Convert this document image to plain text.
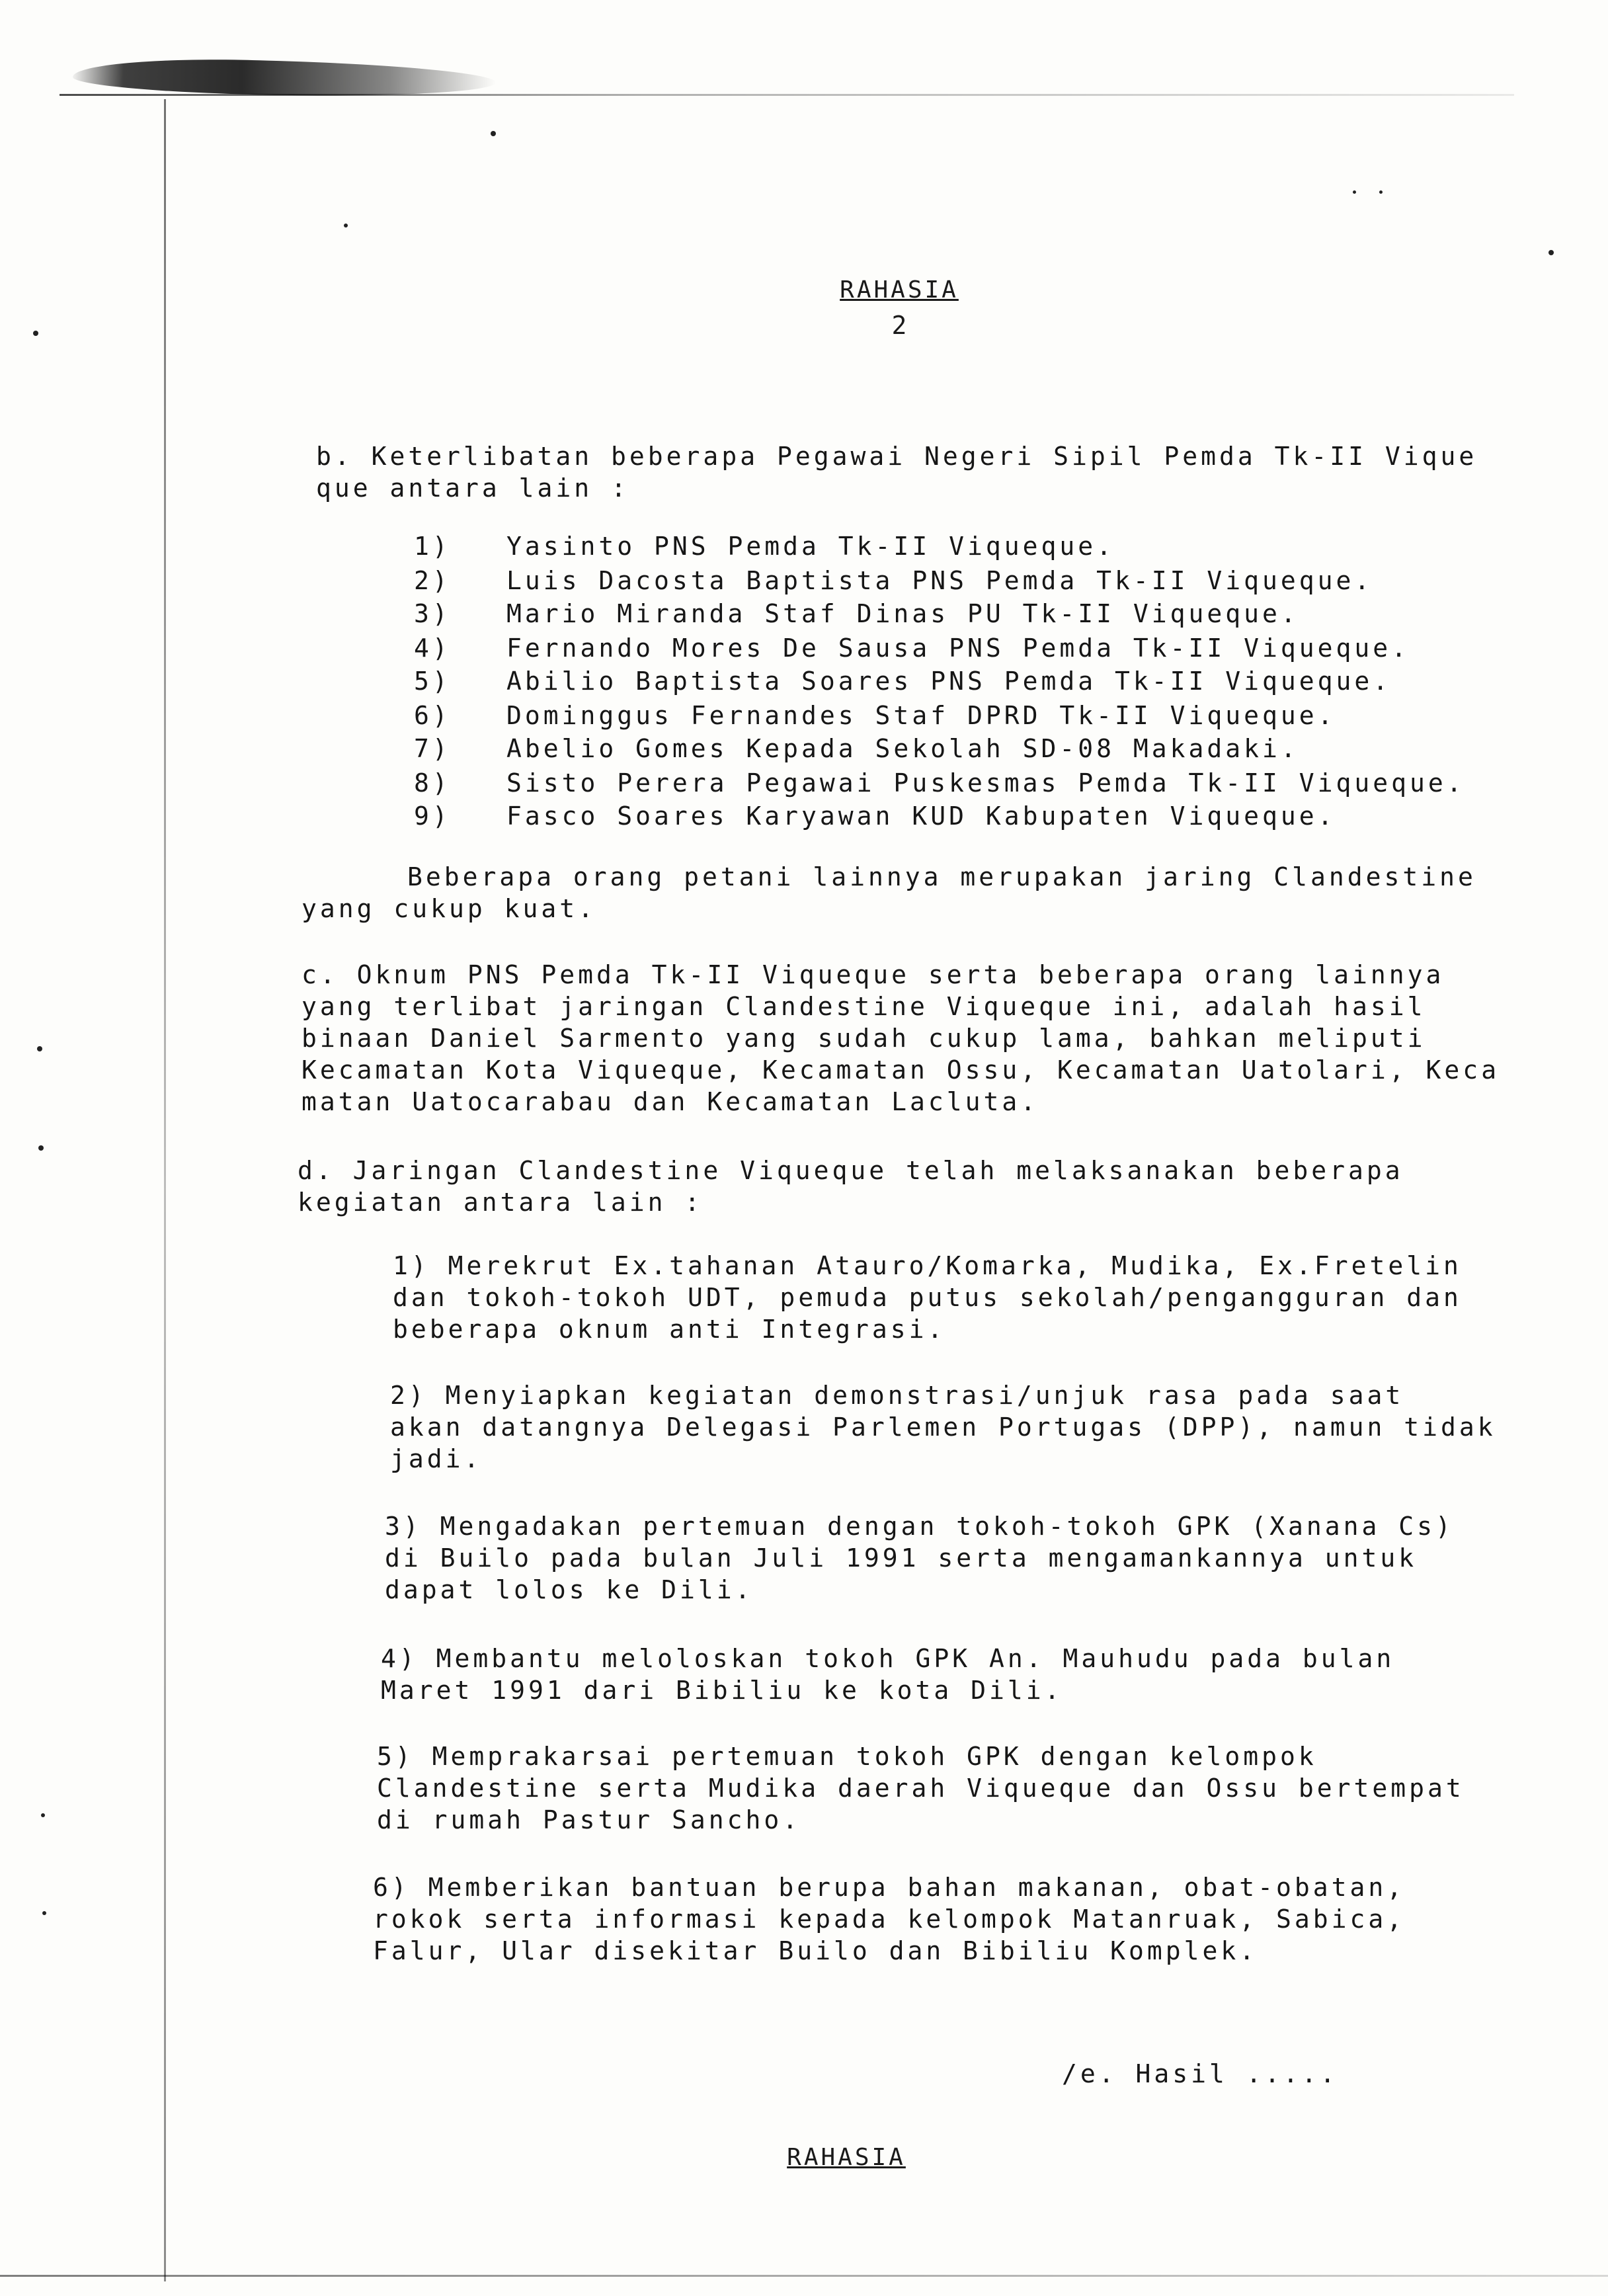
RAHASIA
2
b. Keterlibatan beberapa Pegawai Negeri Sipil Pemda Tk-II Vique
que antara lain :
1) Yasinto PNS Pemda Tk-II Viqueque.
2) Luis Dacosta Baptista PNS Pemda Tk-II Viqueque.
3) Mario Miranda Staf Dinas PU Tk-II Viqueque.
4) Fernando Mores De Sausa PNS Pemda Tk-II Viqueque.
5) Abilio Baptista Soares PNS Pemda Tk-II Viqueque.
6) Dominggus Fernandes Staf DPRD Tk-II Viqueque.
7) Abelio Gomes Kepada Sekolah SD-08 Makadaki.
8) Sisto Perera Pegawai Puskesmas Pemda Tk-II Viqueque.
9) Fasco Soares Karyawan KUD Kabupaten Viqueque.
Beberapa orang petani lainnya merupakan jaring Clandestine
yang cukup kuat.
c. Oknum PNS Pemda Tk-II Viqueque serta beberapa orang lainnya
yang terlibat jaringan Clandestine Viqueque ini, adalah hasil
binaan Daniel Sarmento yang sudah cukup lama, bahkan meliputi
Kecamatan Kota Viqueque, Kecamatan Ossu, Kecamatan Uatolari, Keca
matan Uatocarabau dan Kecamatan Lacluta.
d. Jaringan Clandestine Viqueque telah melaksanakan beberapa
kegiatan antara lain :
1) Merekrut Ex.tahanan Atauro/Komarka, Mudika, Ex.Fretelin
dan tokoh-tokoh UDT, pemuda putus sekolah/pengangguran dan
beberapa oknum anti Integrasi.
2) Menyiapkan kegiatan demonstrasi/unjuk rasa pada saat
akan datangnya Delegasi Parlemen Portugas (DPP), namun tidak
jadi.
3) Mengadakan pertemuan dengan tokoh-tokoh GPK (Xanana Cs)
di Builo pada bulan Juli 1991 serta mengamankannya untuk
dapat lolos ke Dili.
4) Membantu meloloskan tokoh GPK An. Mauhudu pada bulan
Maret 1991 dari Bibiliu ke kota Dili.
5) Memprakarsai pertemuan tokoh GPK dengan kelompok
Clandestine serta Mudika daerah Viqueque dan Ossu bertempat
di rumah Pastur Sancho.
6) Memberikan bantuan berupa bahan makanan, obat-obatan,
rokok serta informasi kepada kelompok Matanruak, Sabica,
Falur, Ular disekitar Builo dan Bibiliu Komplek.
/e. Hasil .....
RAHASIA
